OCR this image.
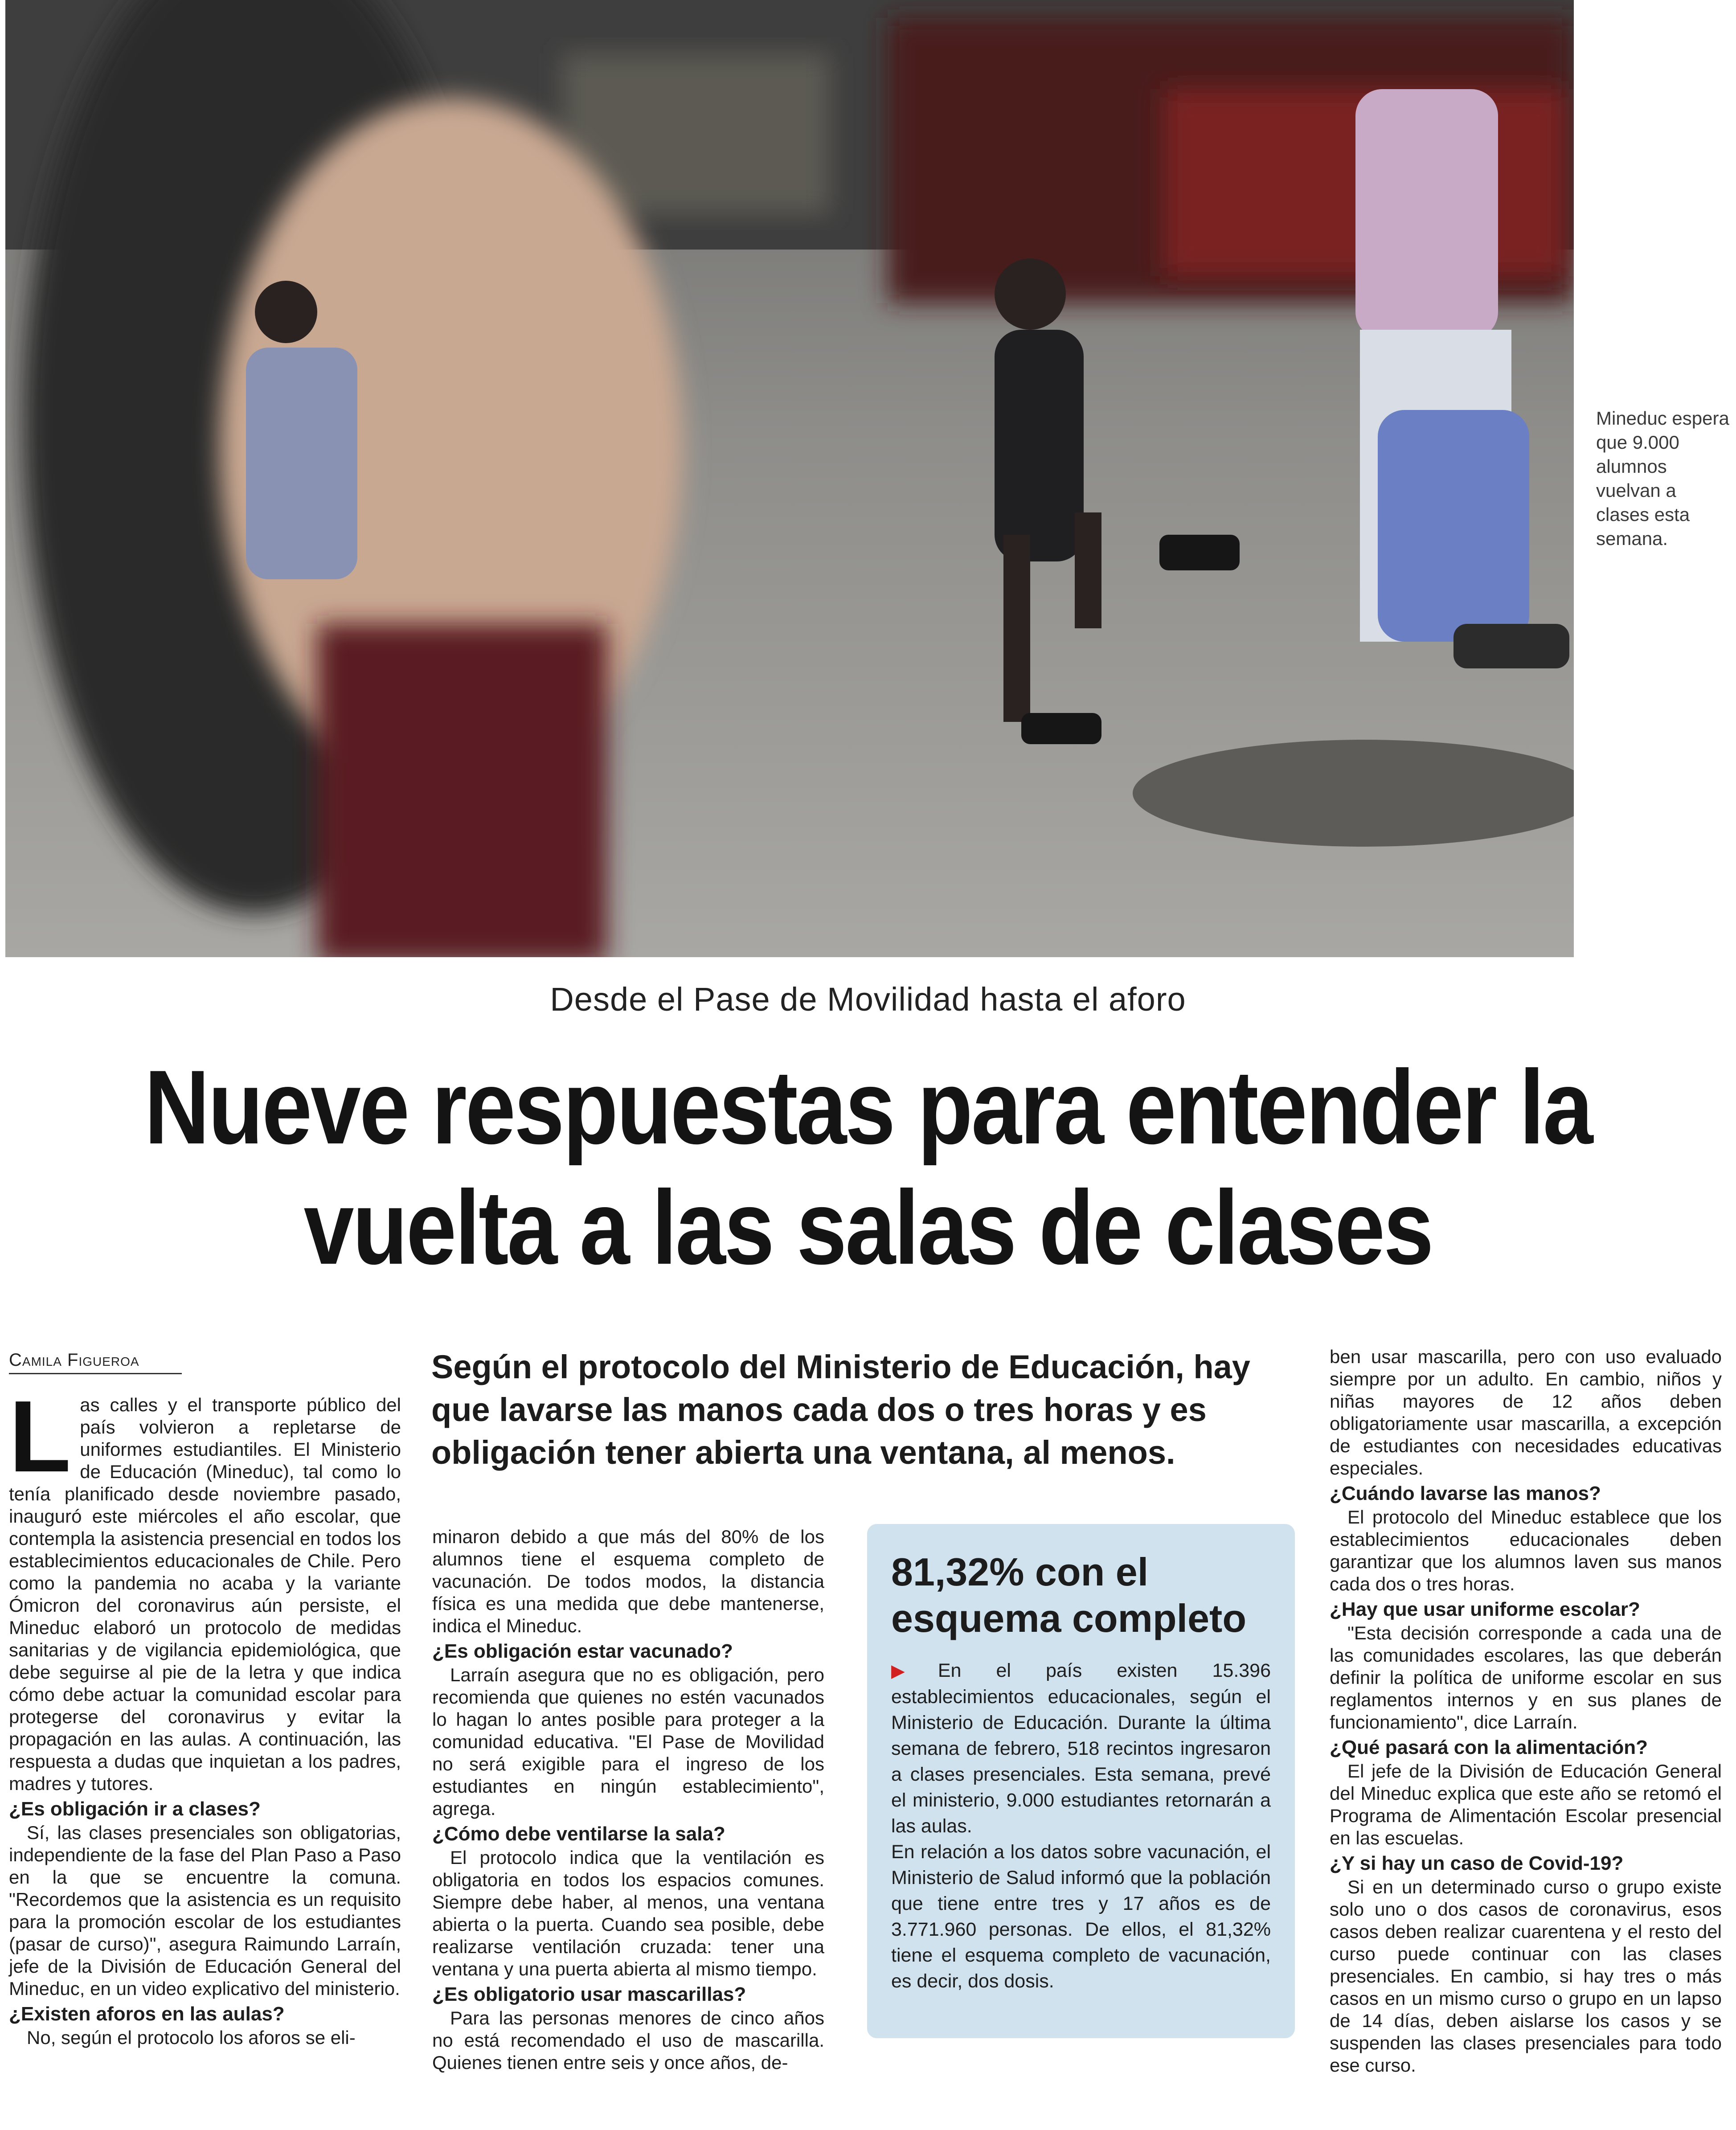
Mineduc espera que 9.000 alumnos vuelvan a clases esta semana.
Desde el Pase de Movilidad hasta el aforo
Nueve respuestas para entender la vuelta a las salas de clases
Camila Figueroa	Según el protocolo del Ministerio de Educación, hay que lavarse las manos cada dos o tres horas y es obligación tener abierta una ventana, al menos.

Las calles y el transporte público del país volvieron a repletarse de uniformes estudiantiles. El Ministerio de Educación (Mineduc), tal como lo tenía planificado desde noviembre pasado, inauguró este miércoles el año escolar, que contempla la asistencia presencial en todos los establecimientos educacionales de Chile. Pero como la pandemia no acaba y la variante Ómicron del coronavirus aún persiste, el Mineduc elaboró un protocolo de medidas sanitarias y de vigilancia epidemiológica, que debe seguirse al pie de la letra y que indica cómo debe actuar la comunidad escolar para protegerse del coronavirus y evitar la propagación en las aulas. A continuación, las respuesta a dudas que inquietan a los padres, madres y tutores.

¿Es obligación ir a clases?

Sí, las clases presenciales son obligatorias, independiente de la fase del Plan Paso a Paso en la que se encuentre la comuna. "Recordemos que la asistencia es un requisito para la promoción escolar de los estudiantes (pasar de curso)", asegura Raimundo Larraín, jefe de la División de Educación General del Mineduc, en un video explicativo del ministerio.

¿Existen aforos en las aulas?

No, según el protocolo los aforos se eli-

minaron debido a que más del 80% de los alumnos tiene el esquema completo de vacunación. De todos modos, la distancia física es una medida que debe mantenerse, indica el Mineduc.

¿Es obligación estar vacunado?

Larraín asegura que no es obligación, pero recomienda que quienes no estén vacunados lo hagan lo antes posible para proteger a la comunidad educativa. "El Pase de Movilidad no será exigible para el ingreso de los estudiantes en ningún establecimiento", agrega.

¿Cómo debe ventilarse la sala?

El protocolo indica que la ventilación es obligatoria en todos los espacios comunes. Siempre debe haber, al menos, una ventana abierta o la puerta. Cuando sea posible, debe realizarse ventilación cruzada: tener una ventana y una puerta abierta al mismo tiempo.

¿Es obligatorio usar mascarillas?

Para las personas menores de cinco años no está recomendado el uso de mascarilla. Quienes tienen entre seis y once años, de-

81,32% con el esquema completo

▶ En el país existen 15.396 establecimientos educacionales, según el Ministerio de Educación. Durante la última semana de febrero, 518 recintos ingresaron a clases presenciales. Esta semana, prevé el ministerio, 9.000 estudiantes retornarán a las aulas.

En relación a los datos sobre vacunación, el Ministerio de Salud informó que la población que tiene entre tres y 17 años es de 3.771.960 personas. De ellos, el 81,32% tiene el esquema completo de vacunación, es decir, dos dosis.

ben usar mascarilla, pero con uso evaluado siempre por un adulto. En cambio, niños y niñas mayores de 12 años deben obligatoriamente usar mascarilla, a excepción de estudiantes con necesidades educativas especiales.

¿Cuándo lavarse las manos?

El protocolo del Mineduc establece que los establecimientos educacionales deben garantizar que los alumnos laven sus manos cada dos o tres horas.

¿Hay que usar uniforme escolar?

"Esta decisión corresponde a cada una de las comunidades escolares, las que deberán definir la política de uniforme escolar en sus reglamentos internos y en sus planes de funcionamiento", dice Larraín.

¿Qué pasará con la alimentación?

El jefe de la División de Educación General del Mineduc explica que este año se retomó el Programa de Alimentación Escolar presencial en las escuelas.

¿Y si hay un caso de Covid-19?

Si en un determinado curso o grupo existe solo uno o dos casos de coronavirus, esos casos deben realizar cuarentena y el resto del curso puede continuar con las clases presenciales. En cambio, si hay tres o más casos en un mismo curso o grupo en un lapso de 14 días, deben aislarse los casos y se suspenden las clases presenciales para todo ese curso.
